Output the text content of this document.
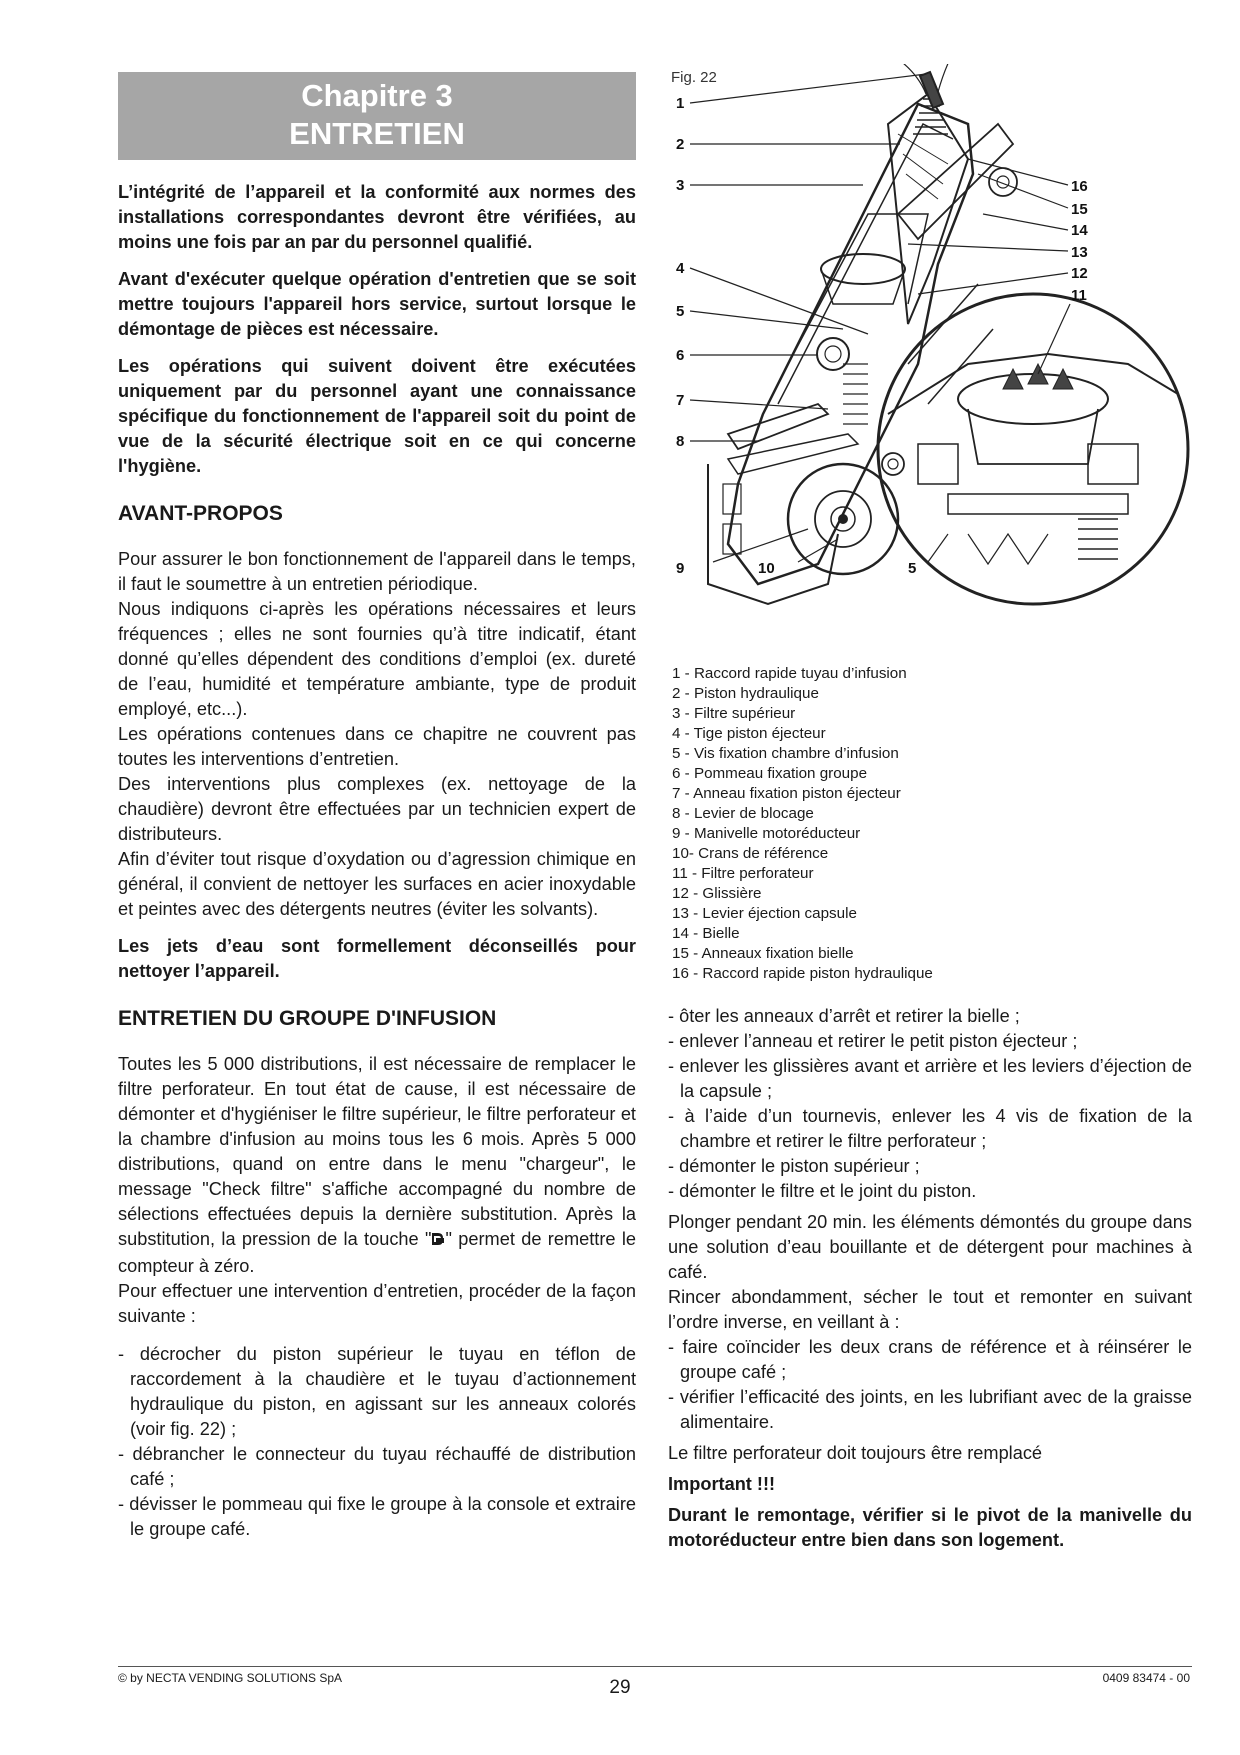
Chapitre 3
ENTRETIEN

L’intégrité de l’appareil et la conformité aux normes des installations correspondantes devront être vérifiées, au moins une fois par an par du personnel qualifié.

Avant d'exécuter quelque opération d'entretien que se soit mettre toujours l'appareil hors service, surtout lorsque le démontage de pièces est nécessaire.

Les opérations qui suivent doivent être exécutées uniquement par du personnel ayant une connaissance spécifique du fonctionnement de l'appareil soit du point de vue de la sécurité électrique soit en ce qui concerne l'hygiène.

AVANT-PROPOS

Pour assurer le bon fonctionnement de l'appareil dans le temps, il faut le soumettre à un entretien périodique.

Nous indiquons ci-après les opérations nécessaires et leurs fréquences ; elles ne sont fournies qu’à titre indicatif, étant donné qu’elles dépendent des conditions d’emploi (ex. dureté de l’eau, humidité et température ambiante, type de produit employé, etc...).

Les opérations contenues dans ce chapitre ne couvrent pas toutes les interventions d’entretien.

Des interventions plus complexes (ex. nettoyage de la chaudière) devront être effectuées par un technicien expert de distributeurs.

Afin d’éviter tout risque d’oxydation ou d’agression chimique en général, il convient de nettoyer les surfaces en acier inoxydable et peintes avec des détergents neutres (éviter les solvants).

Les jets d’eau sont formellement déconseillés pour nettoyer l’appareil.

ENTRETIEN DU GROUPE D'INFUSION

Toutes les 5 000 distributions, il est nécessaire de remplacer le filtre perforateur. En tout état de cause, il est nécessaire de démonter et d'hygiéniser le filtre supérieur, le filtre perforateur et la chambre d'infusion au moins tous les 6 mois. Après 5 000 distributions, quand on entre dans le menu "chargeur", le message "Check filtre" s'affiche accompagné du nombre de sélections effectuées depuis la dernière substitution. Après la substitution, la pression de la touche " " permet de remettre le compteur à zéro.

Pour effectuer une intervention d’entretien, procéder de la façon suivante :

- décrocher du piston supérieur le tuyau en téflon de raccordement à la chaudière et le tuyau d’actionnement hydraulique du piston, en agissant sur les anneaux colorés (voir fig. 22) ;

- débrancher le connecteur du tuyau réchauffé de distribution café ;

- dévisser le pommeau qui fixe le groupe à la console et extraire le groupe café.

Fig. 22
1
2
3
4
5
6
7
8
16
15
14
13
12
11
9	10	5
1 - Raccord rapide tuyau d’infusion
2 - Piston hydraulique
3 - Filtre supérieur
4 - Tige piston éjecteur
5 - Vis fixation chambre d’infusion
6 - Pommeau fixation groupe
7 - Anneau fixation piston éjecteur
8 - Levier de blocage
9 - Manivelle motoréducteur
10- Crans de référence
11 - Filtre perforateur
12 - Glissière
13 - Levier éjection capsule
14 - Bielle
15 - Anneaux fixation bielle
16 - Raccord rapide piston hydraulique

- ôter les anneaux d’arrêt et retirer la bielle ;

- enlever l’anneau et retirer le petit piston éjecteur ;

- enlever les glissières avant et arrière et les leviers d’éjection de la capsule ;

- à l’aide d’un tournevis, enlever les 4 vis de fixation de la chambre et retirer le filtre perforateur ;

- démonter le piston supérieur ;

- démonter le filtre et le joint du piston.

Plonger pendant 20 min. les éléments démontés du groupe dans une solution d’eau bouillante et de détergent pour machines à café.

Rincer abondamment, sécher le tout et remonter en suivant l’ordre inverse, en veillant à :

- faire coïncider les deux crans de référence et à réinsérer le groupe café ;

- vérifier l’efficacité des joints, en les lubrifiant avec de la graisse alimentaire.

Le filtre perforateur doit toujours être remplacé

Important !!!

Durant le remontage, vérifier si le pivot de la manivelle du motoréducteur entre bien dans son logement.

© by NECTA VENDING SOLUTIONS SpA	29	0409 83474 - 00
